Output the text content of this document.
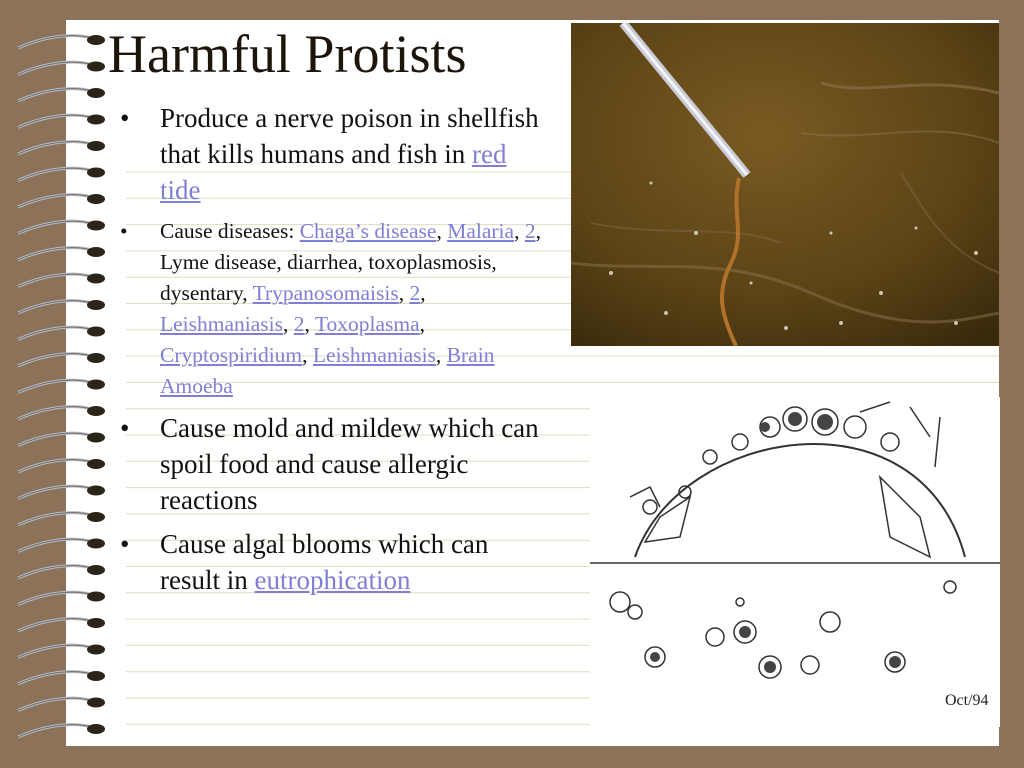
Harmful Protists
• Produce a nerve poison in shellfish that kills humans and fish in red tide
• Cause diseases: Chaga’s disease, Malaria, 2, Lyme disease, diarrhea, toxoplasmosis, dysentary, Trypanosomaisis, 2, Leishmaniasis, 2, Toxoplasma, Cryptospiridium, Leishmaniasis, Brain Amoeba
• Cause mold and mildew which can spoil food and cause allergic reactions
• Cause algal blooms which can result in eutrophication
Oct/94
